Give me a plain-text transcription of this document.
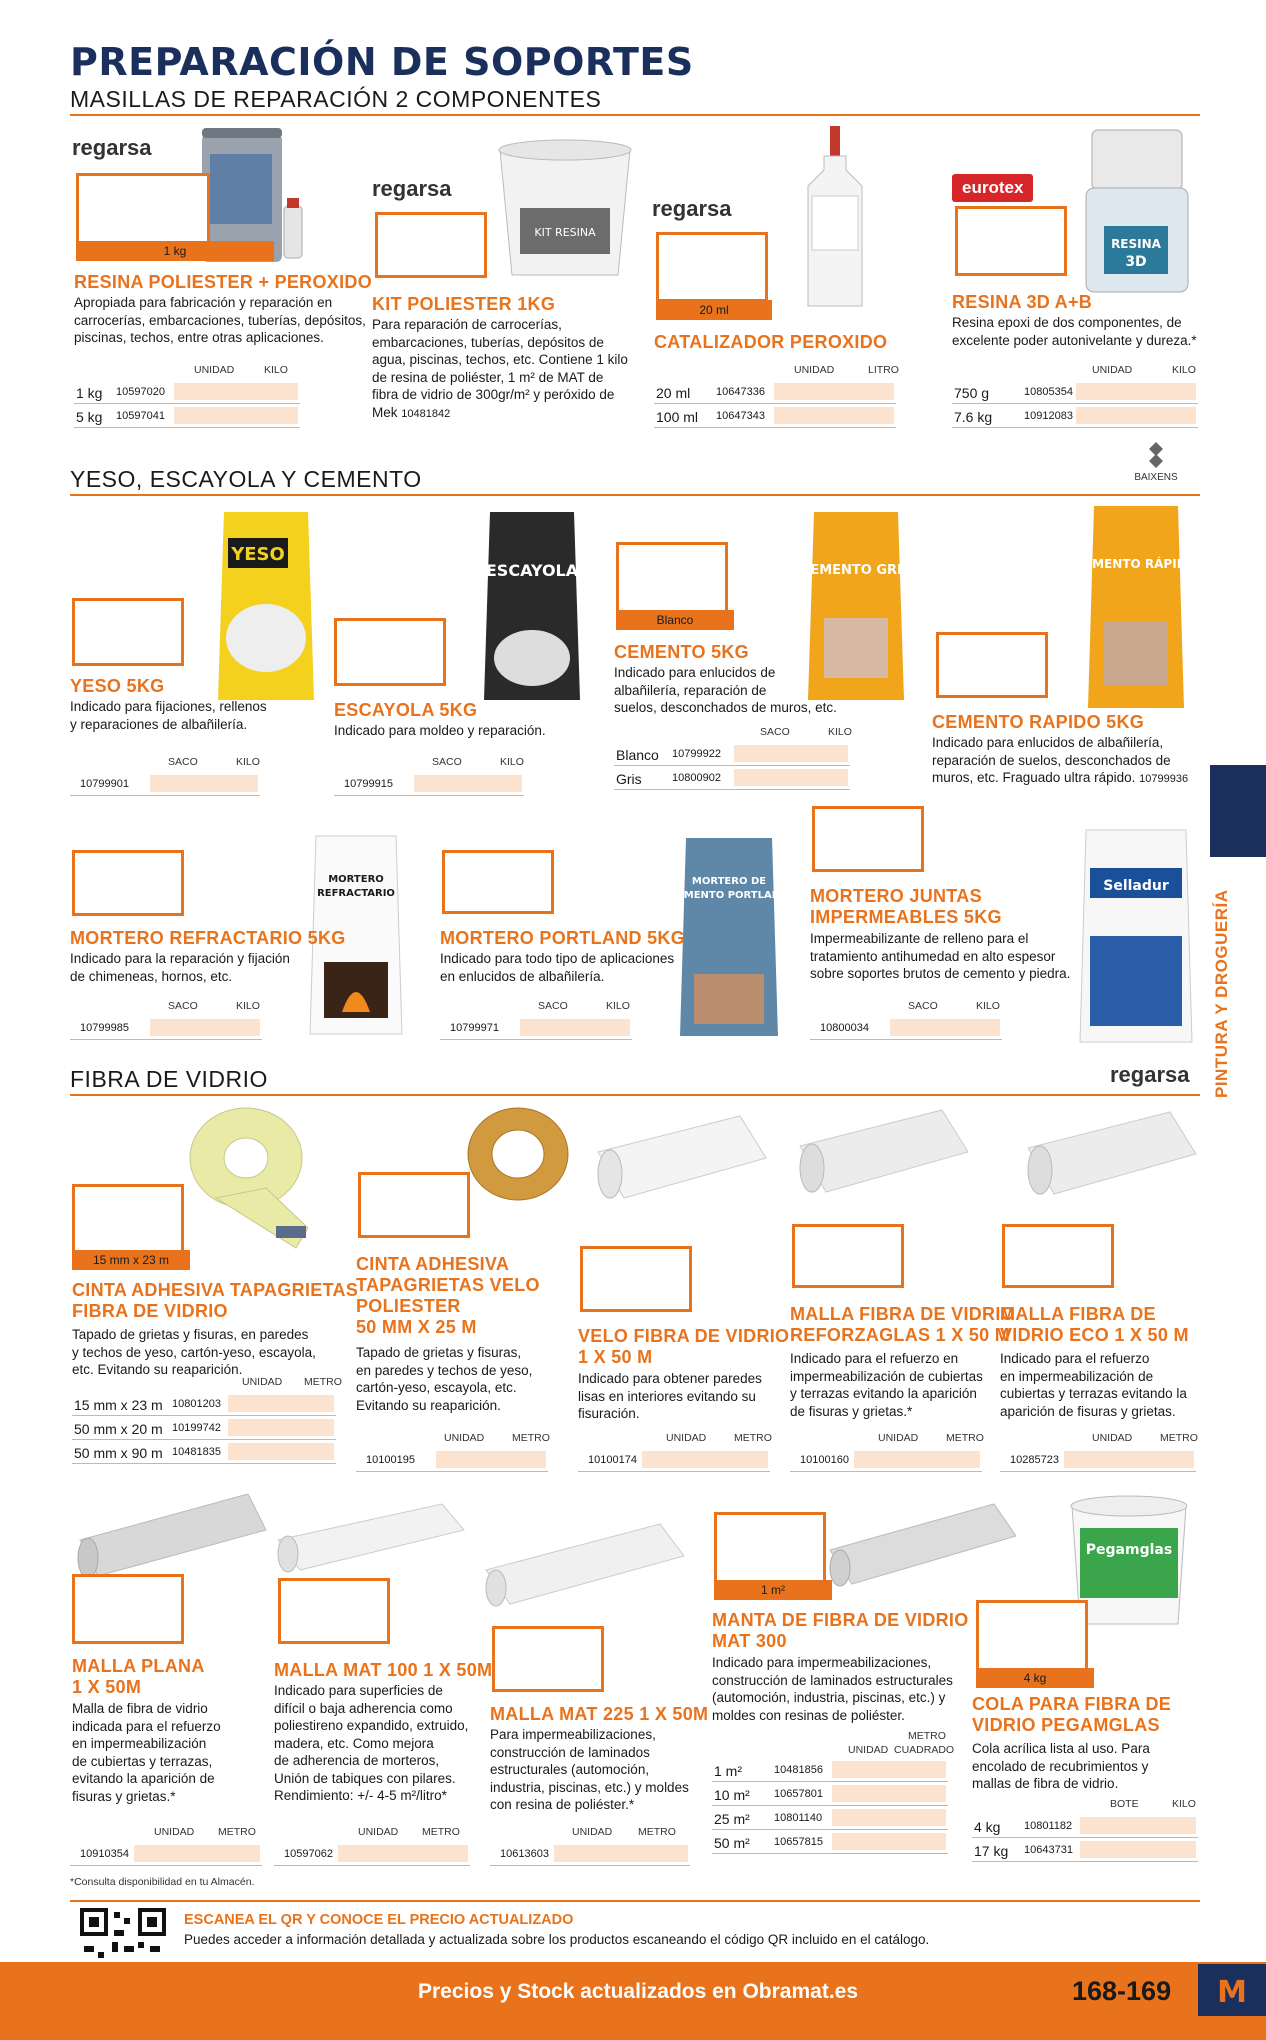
PREPARACIÓN DE SOPORTES
MASILLAS DE REPARACIÓN 2 COMPONENTES
regarsa
1 kg
RESINA POLIESTER + PEROXIDO
Apropiada para fabricación y reparación en
carrocerías, embarcaciones, tuberías, depósitos,
piscinas, techos, entre otras aplicaciones.
UNIDAD	KILO
1 kg 10597020
5 kg 10597041
regarsa
KIT RESINA
KIT POLIESTER 1KG
Para reparación de carrocerías,
embarcaciones, tuberías, depósitos de
agua, piscinas, techos, etc. Contiene 1 kilo
de resina de poliéster, 1 m² de MAT de
fibra de vidrio de 300gr/m² y peróxido de
Mek 10481842
regarsa
20 ml
CATALIZADOR PEROXIDO
UNIDAD	LITRO
20 ml 10647336
100 ml 10647343
eurotex
RESINA
3D
RESINA 3D A+B
Resina epoxi de dos componentes, de
excelente poder autonivelante y dureza.*
UNIDAD	KILO
750 g	10805354
7.6 kg	10912083
YESO, ESCAYOLA Y CEMENTO	BAIXENS
YESO
YESO 5KG
Indicado para fijaciones, rellenos
y reparaciones de albañilería.
SACO	KILO
10799901
ESCAYOLA
ESCAYOLA 5KG
Indicado para moldeo y reparación.
SACO	KILO
10799915
CEMENTO GRIS
Blanco
CEMENTO 5KG
Indicado para enlucidos de
albañilería, reparación de
suelos, desconchados de muros, etc.
SACO	KILO
Blanco 10799922
Gris	10800902
CEMENTO RÁPIDO
CEMENTO RAPIDO 5KG
Indicado para enlucidos de albañilería,
reparación de suelos, desconchados de
muros, etc. Fraguado ultra rápido. 10799936
MORTERO
REFRACTARIO
MORTERO REFRACTARIO 5KG
Indicado para la reparación y fijación
de chimeneas, hornos, etc.
SACO	KILO
10799985
MORTERO DE
CEMENTO PORTLAND
MORTERO PORTLAND 5KG
Indicado para todo tipo de aplicaciones
en enlucidos de albañilería.
SACO	KILO
10799971
Selladur
MORTERO JUNTAS
IMPERMEABLES 5KG
Impermeabilizante de relleno para el
tratamiento antihumedad en alto espesor
sobre soportes brutos de cemento y piedra.
SACO	KILO
10800034
FIBRA DE VIDRIO	regarsa
15 mm x 23 m
CINTA ADHESIVA TAPAGRIETAS
FIBRA DE VIDRIO
Tapado de grietas y fisuras, en paredes
y techos de yeso, cartón-yeso, escayola,
etc. Evitando su reaparición.
UNIDAD METRO
15 mm x 23 m 10801203
50 mm x 20 m 10199742
50 mm x 90 m 10481835
CINTA ADHESIVA
TAPAGRIETAS VELO
POLIESTER
50 MM X 25 M
Tapado de grietas y fisuras,
en paredes y techos de yeso,
cartón-yeso, escayola, etc.
Evitando su reaparición.
UNIDAD	METRO
10100195
VELO FIBRA DE VIDRIO
1 X 50 M
Indicado para obtener paredes
lisas en interiores evitando su
fisuración.
UNIDAD	METRO
10100174
MALLA FIBRA DE VIDRIO
REFORZAGLAS 1 X 50 M
Indicado para el refuerzo en
impermeabilización de cubiertas
y terrazas evitando la aparición
de fisuras y grietas.*
UNIDAD	METRO
10100160
MALLA FIBRA DE
VIDRIO ECO 1 X 50 M
Indicado para el refuerzo
en impermeabilización de
cubiertas y terrazas evitando la
aparición de fisuras y grietas.
UNIDAD	METRO
10285723
MALLA PLANA
1 X 50M
Malla de fibra de vidrio
indicada para el refuerzo
en impermeabilización
de cubiertas y terrazas,
evitando la aparición de
fisuras y grietas.*
UNIDAD METRO
10910354
MALLA MAT 100 1 X 50M
Indicado para superficies de
difícil o baja adherencia como
poliestireno expandido, extruido,
madera, etc. Como mejora
de adherencia de morteros,
Unión de tabiques con pilares.
Rendimiento: +/- 4-5 m²/litro*
UNIDAD METRO
10597062
MALLA MAT 225 1 X 50M
Para impermeabilizaciones,
construcción de laminados
estructurales (automoción,
industria, piscinas, etc.) y moldes
con resina de poliéster.*
UNIDAD METRO
10613603
1 m²
MANTA DE FIBRA DE VIDRIO
MAT 300
Indicado para impermeabilizaciones,
construcción de laminados estructurales
(automoción, industria, piscinas, etc.) y
moldes con resinas de poliéster.
UNIDAD
METRO
CUADRADO
1 m²	10481856
10 m² 10657801
25 m² 10801140
50 m² 10657815
Pegamglas
4 kg
COLA PARA FIBRA DE
VIDRIO PEGAMGLAS
Cola acrílica lista al uso. Para
encolado de recubrimientos y
mallas de fibra de vidrio.
BOTE	KILO
4 kg 10801182
17 kg 10643731
*Consulta disponibilidad en tu Almacén.
ESCANEA EL QR Y CONOCE EL PRECIO ACTUALIZADO
Puedes acceder a información detallada y actualizada sobre los productos escaneando el código QR incluido en el catálogo.
Precios y Stock actualizados en Obramat.es	168-169 M
PINTURA Y DROGUERÍA
